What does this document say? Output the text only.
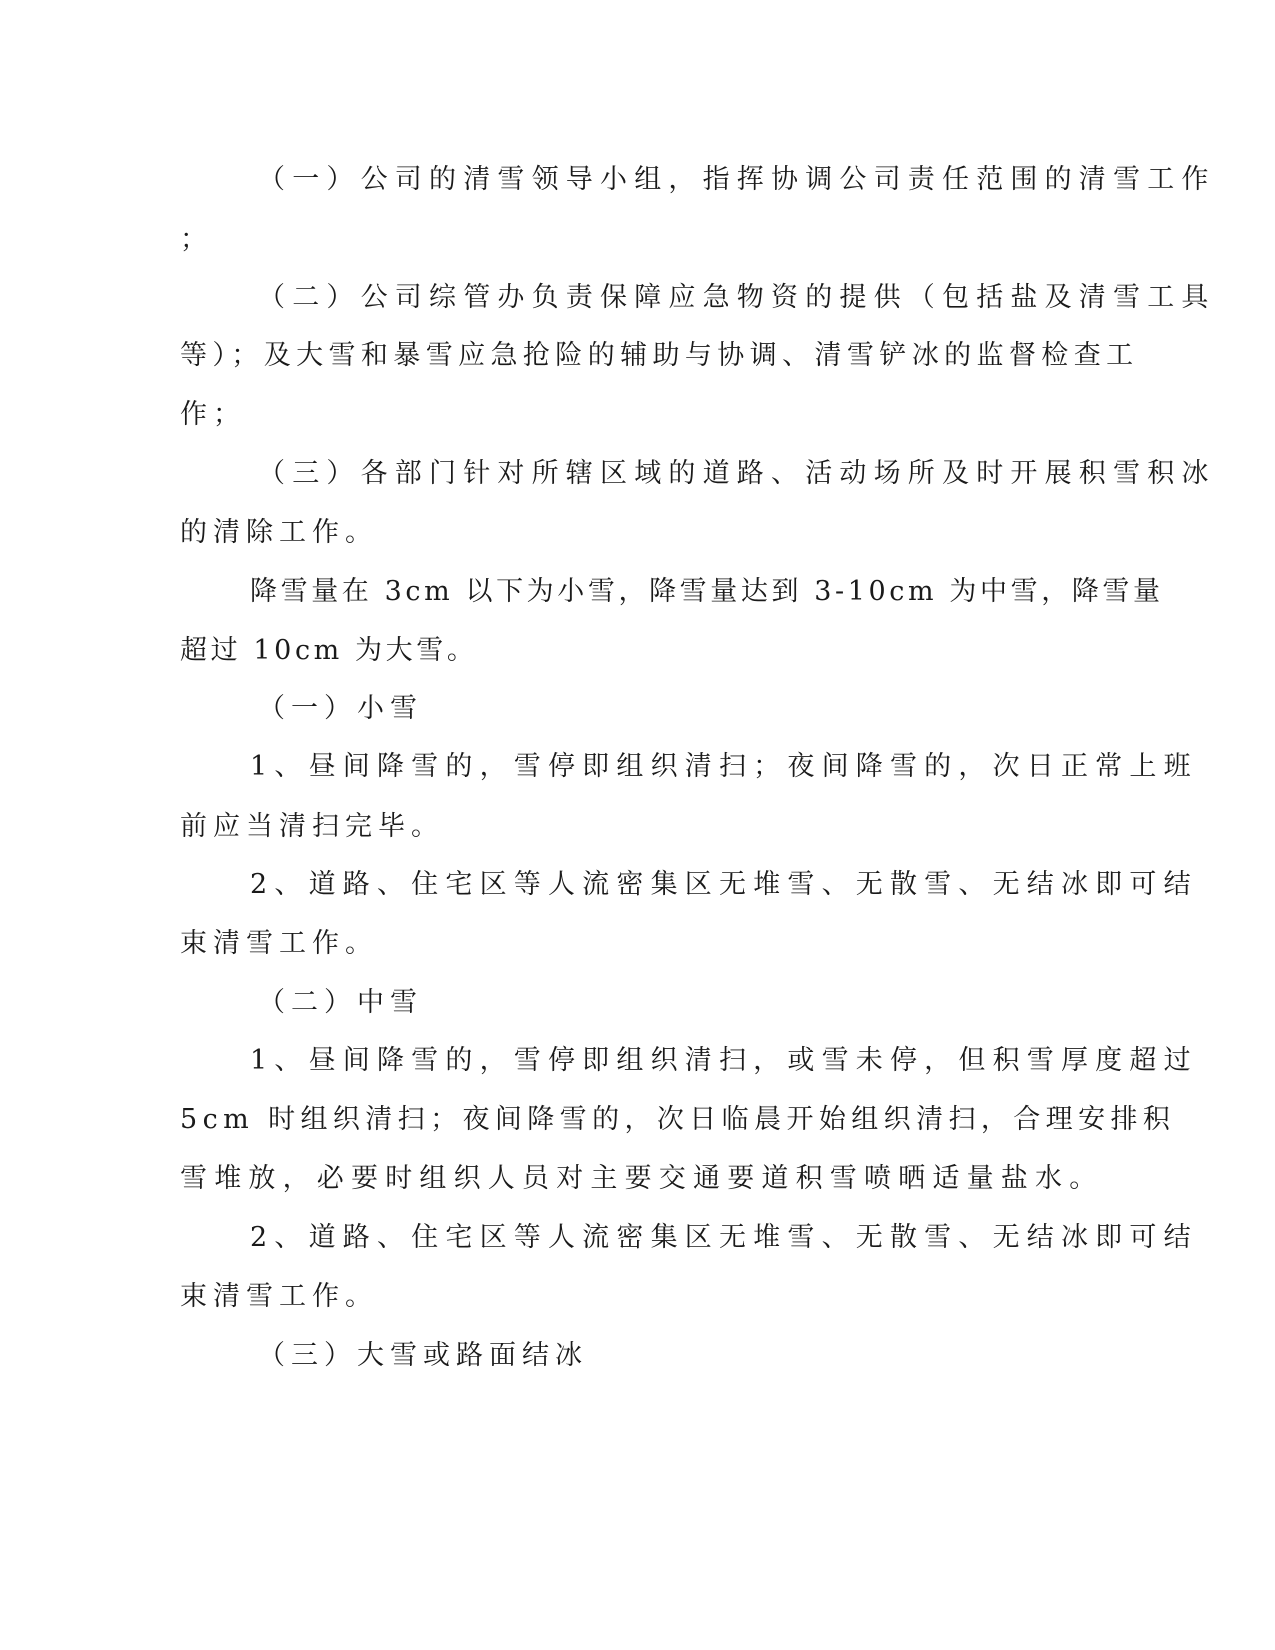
（一）公司的清雪领导小组，指挥协调公司责任范围的清雪工作

；

（二）公司综管办负责保障应急物资的提供（包括盐及清雪工具

等）；及大雪和暴雪应急抢险的辅助与协调、清雪铲冰的监督检查工

作；

（三）各部门针对所辖区域的道路、活动场所及时开展积雪积冰

的清除工作。

降雪量在 3cm 以下为小雪，降雪量达到 3-10cm 为中雪，降雪量

超过 10cm 为大雪。

（一）小雪

1、昼间降雪的，雪停即组织清扫；夜间降雪的，次日正常上班

前应当清扫完毕。

2、道路、住宅区等人流密集区无堆雪、无散雪、无结冰即可结

束清雪工作。

（二）中雪

1、昼间降雪的，雪停即组织清扫，或雪未停，但积雪厚度超过

5cm 时组织清扫；夜间降雪的，次日临晨开始组织清扫，合理安排积

雪堆放，必要时组织人员对主要交通要道积雪喷晒适量盐水。

2、道路、住宅区等人流密集区无堆雪、无散雪、无结冰即可结

束清雪工作。

（三）大雪或路面结冰
